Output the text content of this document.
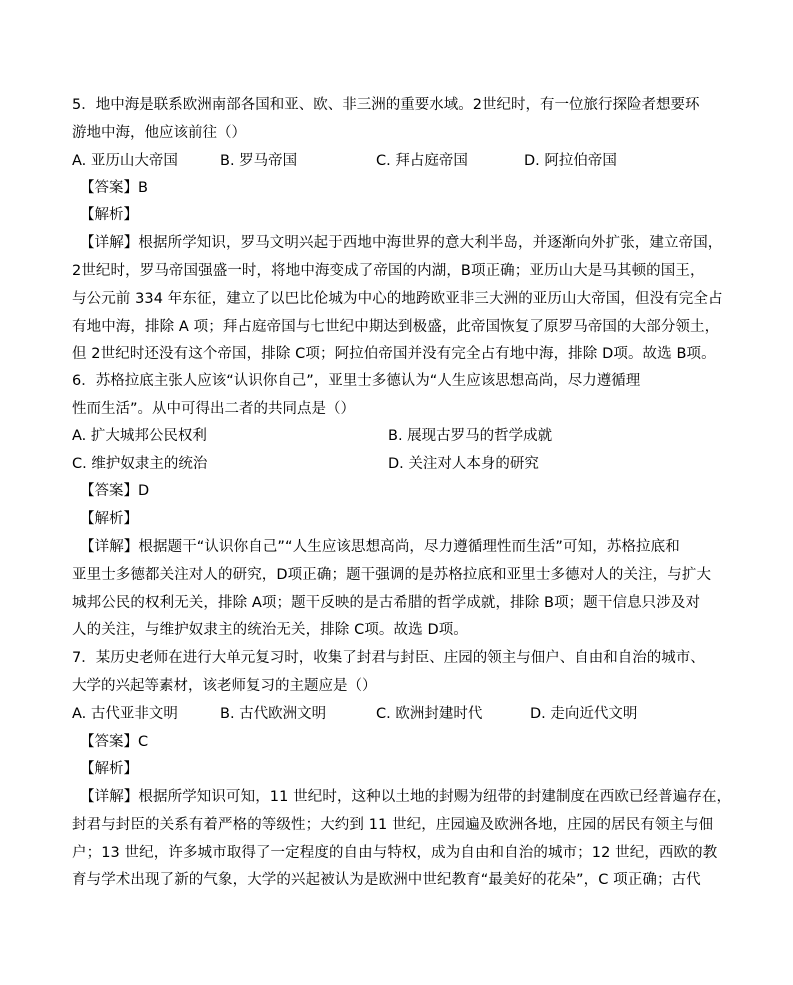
5．地中海是联系欧洲南部各国和亚、欧、非三洲的重要水域。2世纪时，有一位旅行探险者想要环
游地中海，他应该前往（）
A. 亚历山大帝国	B. 罗马帝国	C. 拜占庭帝国	D. 阿拉伯帝国
【答案】B
【解析】
【详解】根据所学知识，罗马文明兴起于西地中海世界的意大利半岛，并逐渐向外扩张，建立帝国，
2世纪时，罗马帝国强盛一时，将地中海变成了帝国的内湖，B项正确；亚历山大是马其顿的国王，
与公元前 334 年东征，建立了以巴比伦城为中心的地跨欧亚非三大洲的亚历山大帝国，但没有完全占
有地中海，排除 A 项；拜占庭帝国与七世纪中期达到极盛，此帝国恢复了原罗马帝国的大部分领土，
但 2世纪时还没有这个帝国，排除 C项；阿拉伯帝国并没有完全占有地中海，排除 D项。故选 B项。
6．苏格拉底主张人应该“认识你自己”，亚里士多德认为“人生应该思想高尚，尽力遵循理
性而生活”。从中可得出二者的共同点是（）
A. 扩大城邦公民权利	B. 展现古罗马的哲学成就
C. 维护奴隶主的统治	D. 关注对人本身的研究
【答案】D
【解析】
【详解】根据题干“认识你自己”“人生应该思想高尚，尽力遵循理性而生活”可知，苏格拉底和
亚里士多德都关注对人的研究，D项正确；题干强调的是苏格拉底和亚里士多德对人的关注，与扩大
城邦公民的权利无关，排除 A项；题干反映的是古希腊的哲学成就，排除 B项；题干信息只涉及对
人的关注，与维护奴隶主的统治无关，排除 C项。故选 D项。
7．某历史老师在进行大单元复习时，收集了封君与封臣、庄园的领主与佃户、自由和自治的城市、
大学的兴起等素材，该老师复习的主题应是（）
A. 古代亚非文明	B. 古代欧洲文明	C. 欧洲封建时代	D. 走向近代文明
【答案】C
【解析】
【详解】根据所学知识可知，11 世纪时，这种以土地的封赐为纽带的封建制度在西欧已经普遍存在，
封君与封臣的关系有着严格的等级性；大约到 11 世纪，庄园遍及欧洲各地，庄园的居民有领主与佃
户；13 世纪，许多城市取得了一定程度的自由与特权，成为自由和自治的城市；12 世纪，西欧的教
育与学术出现了新的气象，大学的兴起被认为是欧洲中世纪教育“最美好的花朵”，C 项正确；古代
